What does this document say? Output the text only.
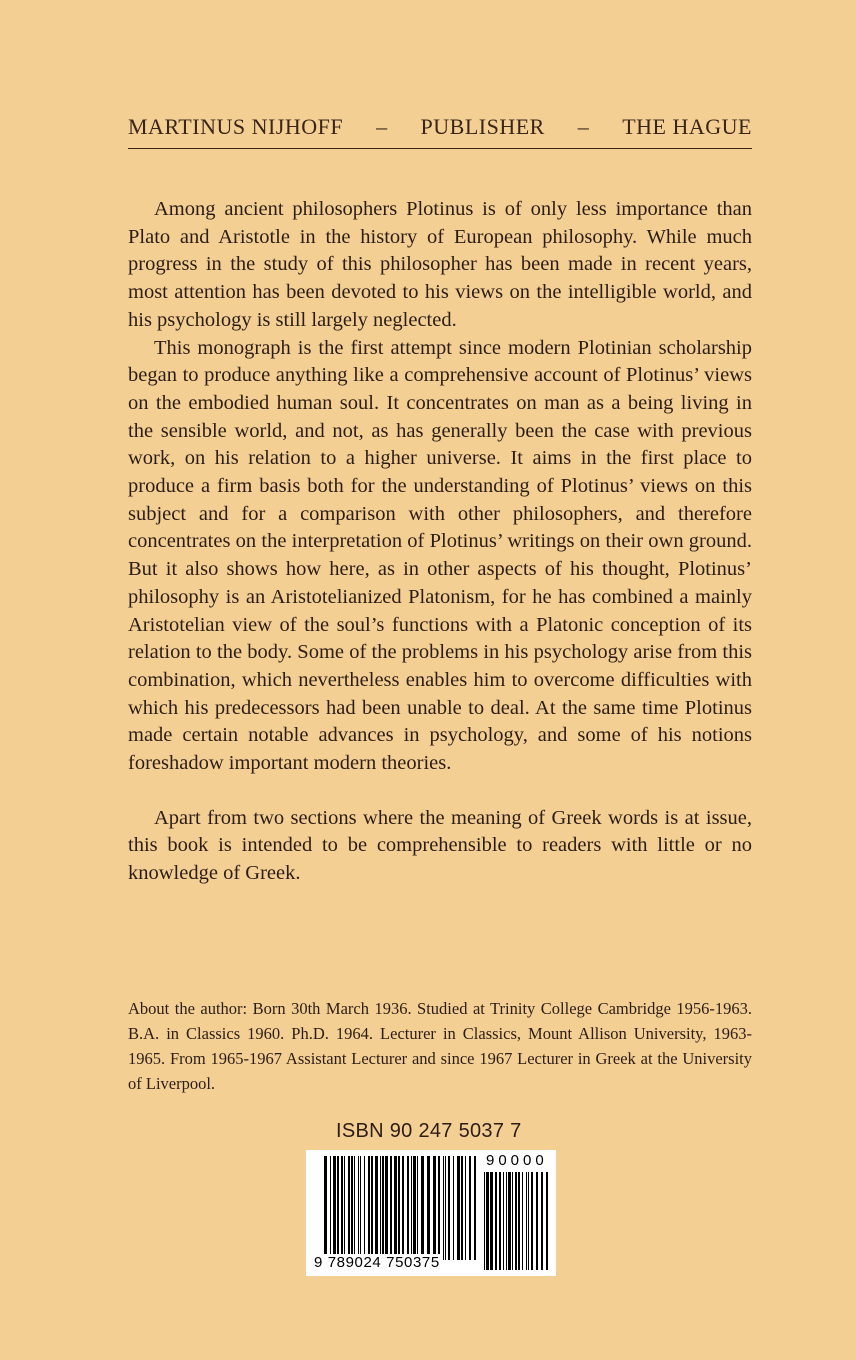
MARTINUS NIJHOFF – PUBLISHER – THE HAGUE

Among ancient philosophers Plotinus is of only less importance than Plato and Aristotle in the history of European philosophy. While much progress in the study of this philosopher has been made in recent years, most attention has been devoted to his views on the intelligible world, and his psychology is still largely neglected.

This monograph is the first attempt since modern Plotinian scholarship began to produce anything like a comprehensive account of Plotinus’ views on the embodied human soul. It concentrates on man as a being living in the sensible world, and not, as has generally been the case with previous work, on his relation to a higher universe. It aims in the first place to produce a firm basis both for the understanding of Plotinus’ views on this subject and for a comparison with other philosophers, and therefore concentrates on the interpretation of Plotinus’ writings on their own ground. But it also shows how here, as in other aspects of his thought, Plotinus’ philosophy is an Aristotelianized Platonism, for he has combined a mainly Aristotelian view of the soul’s functions with a Platonic conception of its relation to the body. Some of the problems in his psychology arise from this combination, which nevertheless enables him to overcome difficulties with which his predecessors had been unable to deal. At the same time Plotinus made certain notable advances in psychology, and some of his notions foreshadow important modern theories.

Apart from two sections where the meaning of Greek words is at issue, this book is intended to be comprehensible to readers with little or no knowledge of Greek.

About the author: Born 30th March 1936. Studied at Trinity College Cambridge 1956-1963. B.A. in Classics 1960. Ph.D. 1964. Lecturer in Classics, Mount Allison University, 1963-1965. From 1965-1967 Assistant Lecturer and since 1967 Lecturer in Greek at the University of Liverpool.
ISBN 90 247 5037 7
9 789024 750375
90000
